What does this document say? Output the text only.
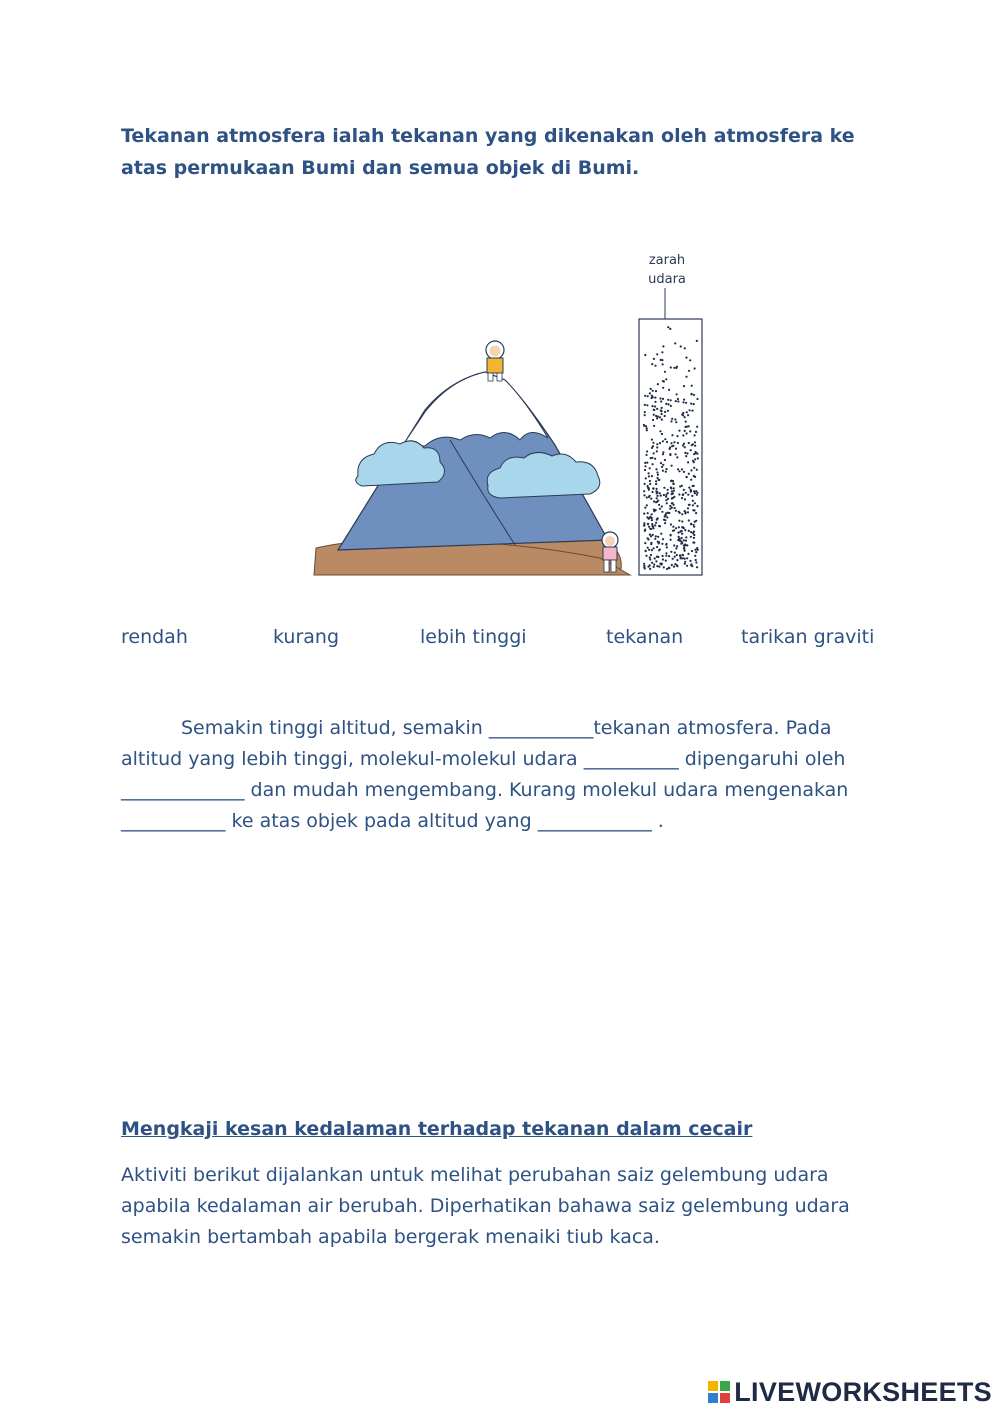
Tekanan atmosfera ialah tekanan yang dikenakan oleh atmosfera ke atas permukaan Bumi dan semua objek di Bumi.

zarah
udara
rendah	kurang	lebih tinggi	tekanan	tarikan graviti

Semakin tinggi altitud, semakin ___________tekanan atmosfera. Pada altitud yang lebih tinggi, molekul-molekul udara __________ dipengaruhi oleh _____________ dan mudah mengembang. Kurang molekul udara mengenakan ___________ ke atas objek pada altitud yang ____________ .

Mengkaji kesan kedalaman terhadap tekanan dalam cecair

Aktiviti berikut dijalankan untuk melihat perubahan saiz gelembung udara apabila kedalaman air berubah. Diperhatikan bahawa saiz gelembung udara semakin bertambah apabila bergerak menaiki tiub kaca.

LIVEWORKSHEETS
